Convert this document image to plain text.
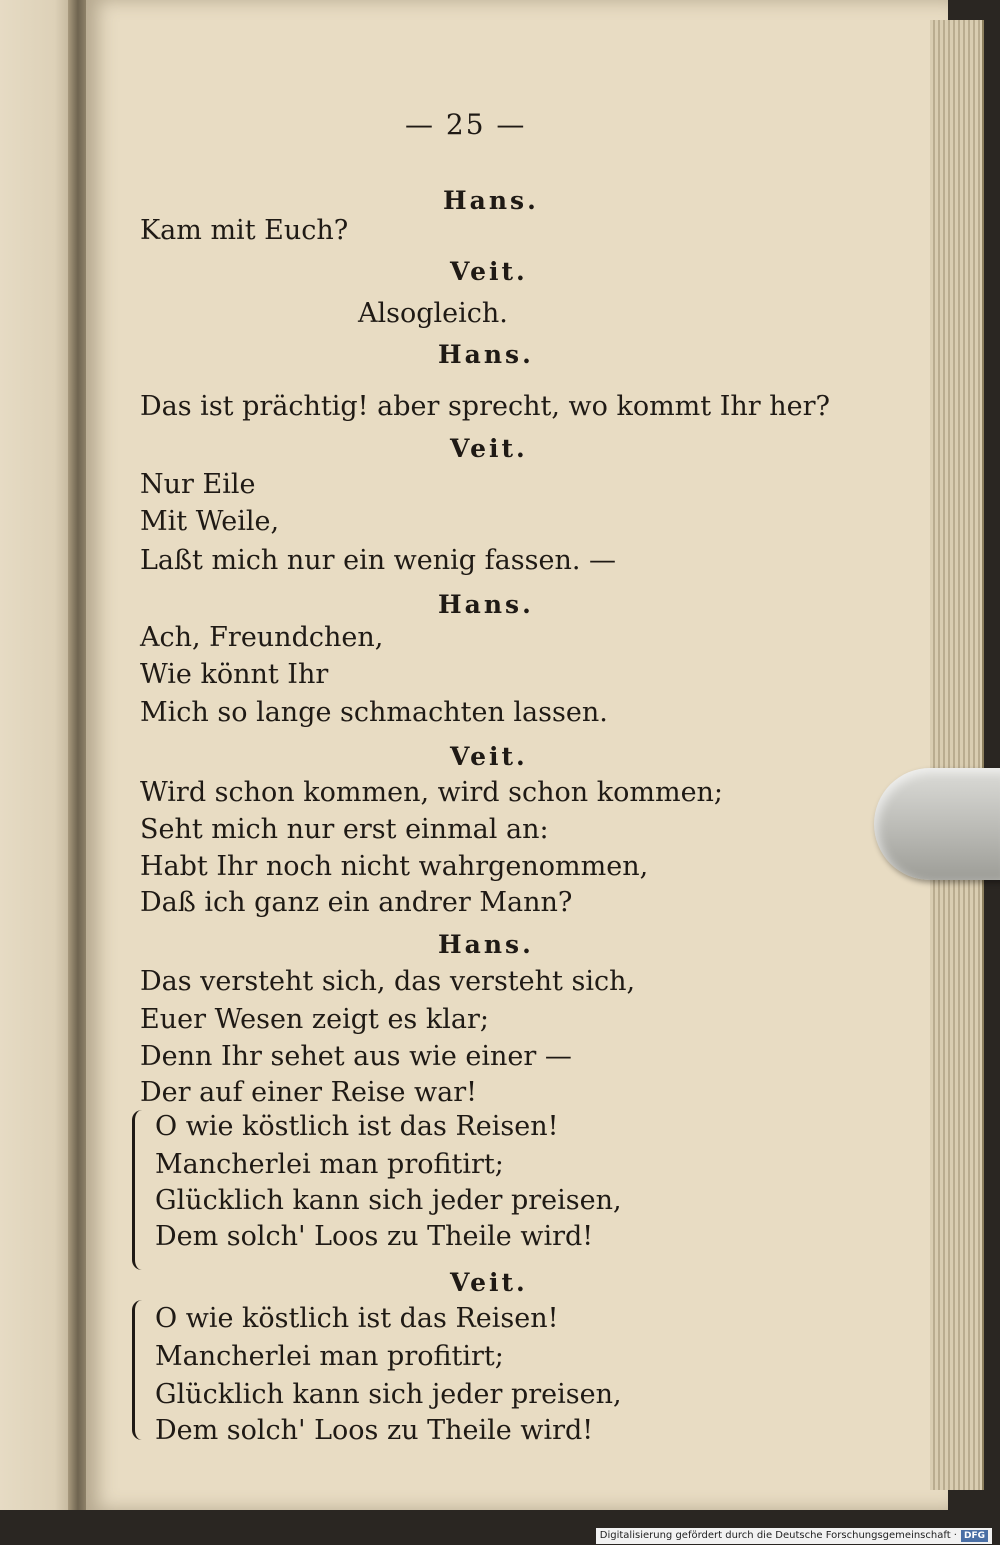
— 25 —
Hans.
Kam mit Euch?
Veit.
Alsogleich.
Hans.
Das ist prächtig! aber sprecht, wo kommt Ihr her?
Veit.
Nur Eile
Mit Weile,
Laßt mich nur ein wenig fassen. —
Hans.
Ach, Freundchen,
Wie könnt Ihr
Mich so lange schmachten lassen.
Veit.
Wird schon kommen, wird schon kommen;
Seht mich nur erst einmal an:
Habt Ihr noch nicht wahrgenommen,
Daß ich ganz ein andrer Mann?
Hans.
Das versteht sich, das versteht sich,
Euer Wesen zeigt es klar;
Denn Ihr sehet aus wie einer —
Der auf einer Reise war!
O wie köstlich ist das Reisen!
Mancherlei man profitirt;
Glücklich kann sich jeder preisen,
Dem solch' Loos zu Theile wird!
Veit.
O wie köstlich ist das Reisen!
Mancherlei man profitirt;
Glücklich kann sich jeder preisen,
Dem solch' Loos zu Theile wird!
Digitalisierung gefördert durch die Deutsche Forschungsgemeinschaft · DFG
